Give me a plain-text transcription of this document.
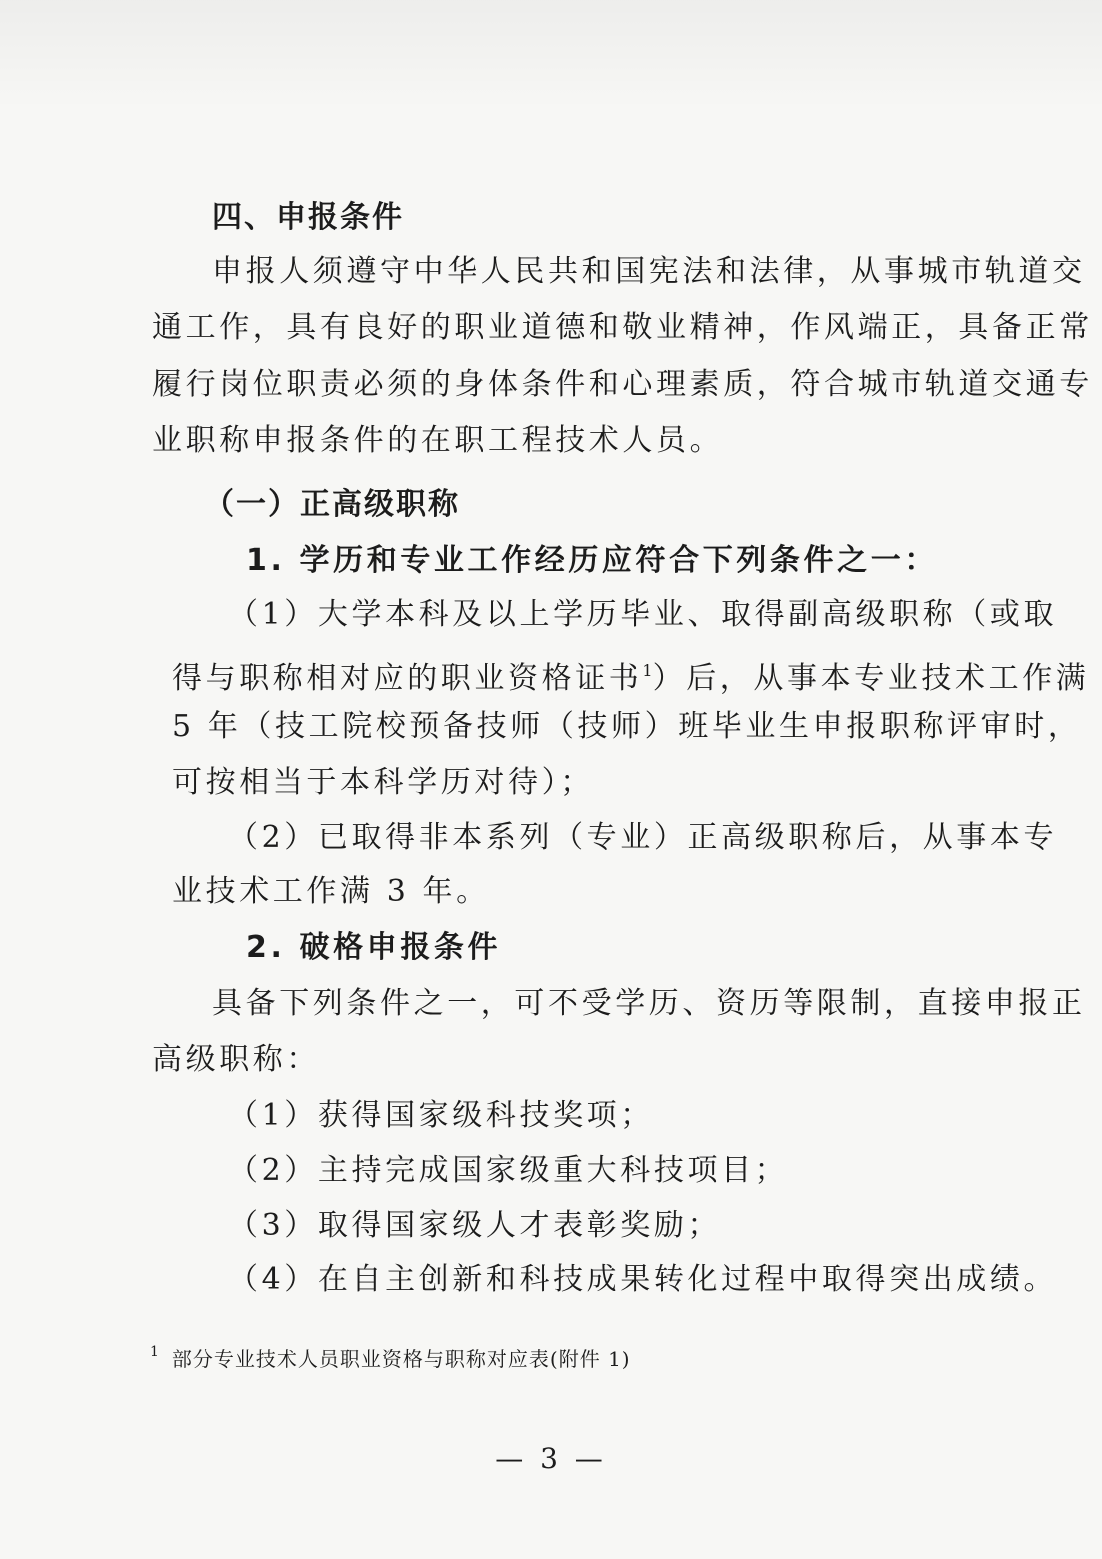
四、申报条件
申报人须遵守中华人民共和国宪法和法律，从事城市轨道交
通工作，具有良好的职业道德和敬业精神，作风端正，具备正常
履行岗位职责必须的身体条件和心理素质，符合城市轨道交通专
业职称申报条件的在职工程技术人员。
（一）正高级职称
1. 学历和专业工作经历应符合下列条件之一：
（1）大学本科及以上学历毕业、取得副高级职称（或取
得与职称相对应的职业资格证书$^1$）后，从事本专业技术工作满
5 年（技工院校预备技师（技师）班毕业生申报职称评审时，
可按相当于本科学历对待）；
（2）已取得非本系列（专业）正高级职称后，从事本专
业技术工作满 3 年。
2. 破格申报条件
具备下列条件之一，可不受学历、资历等限制，直接申报正
高级职称：
（1）获得国家级科技奖项；
（2）主持完成国家级重大科技项目；
（3）取得国家级人才表彰奖励；
（4）在自主创新和科技成果转化过程中取得突出成绩。
$^1$ 部分专业技术人员职业资格与职称对应表(附件 1)
— 3 —
